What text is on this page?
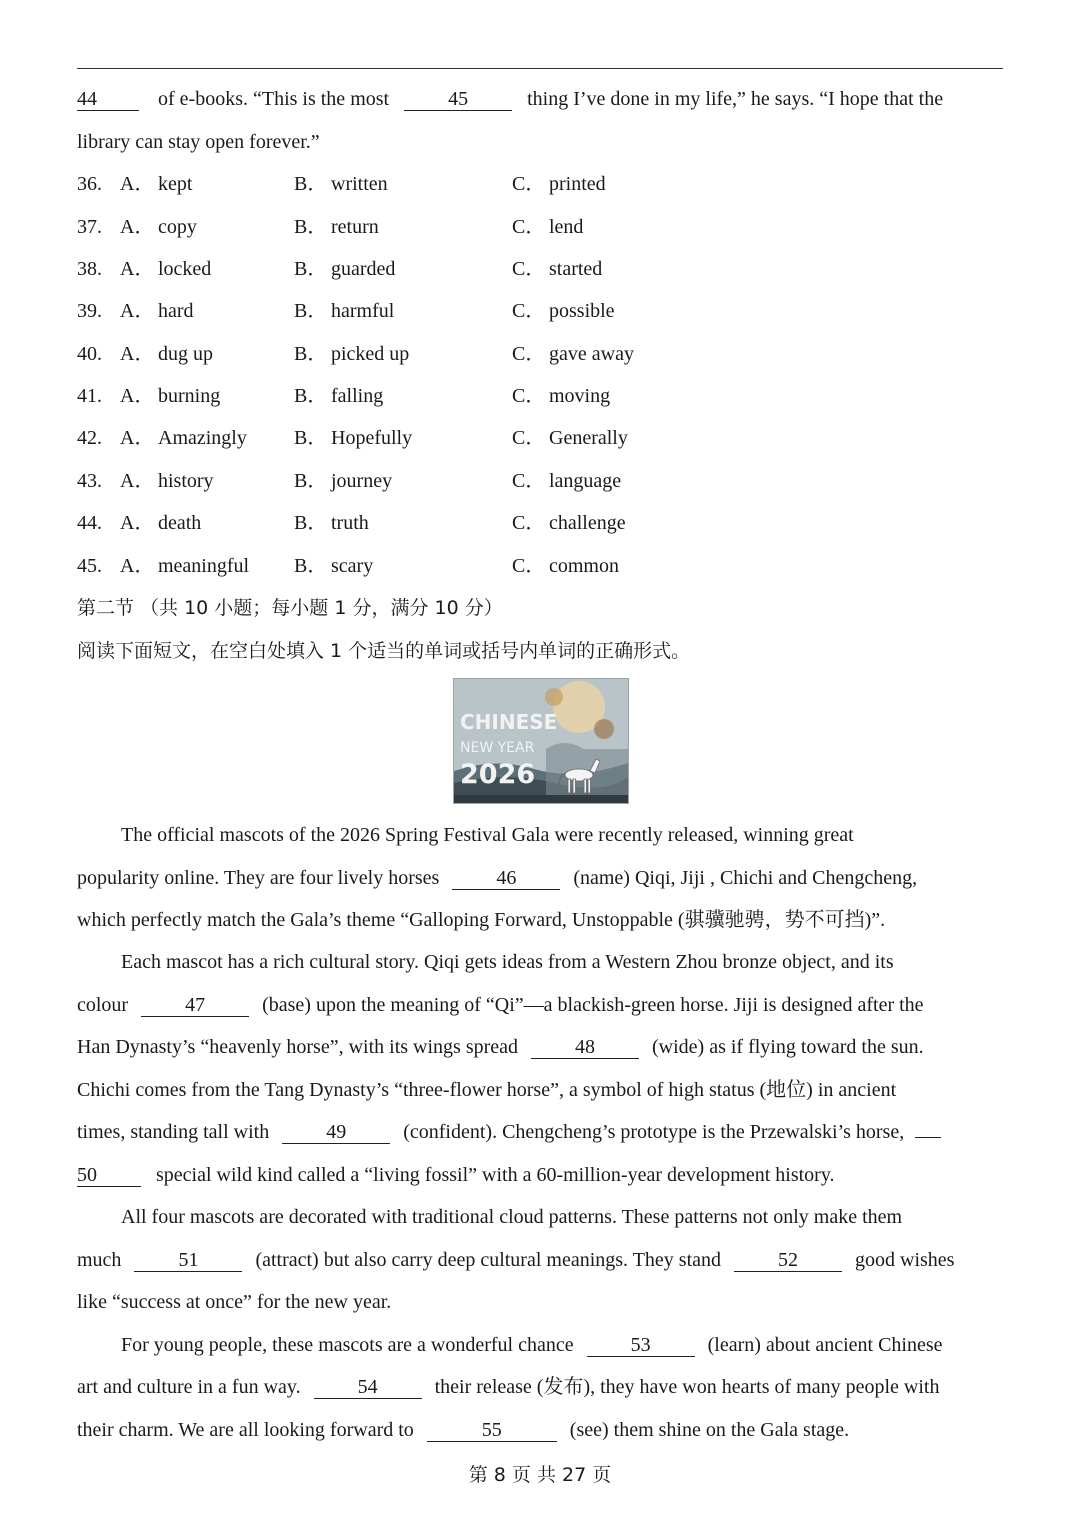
44	of e-books. “This is the most	45	thing I’ve done in my life,” he says. “I hope that the
library can stay open forever.”
36. A． kept	B． written	C． printed
37. A． copy	B． return	C． lend
38. A． locked	B． guarded	C． started
39. A． hard	B． harmful	C． possible
40. A． dug up	B． picked up	C． gave away
41. A． burning	B． falling	C． moving
42. A． Amazingly B． Hopefully	C． Generally
43. A． history	B． journey	C． language
44. A． death	B． truth	C． challenge
45. A． meaningful B． scary	C． common
第二节 （共 10 小题；每小题 1 分，满分 10 分）
阅读下面短文，在空白处填入 1 个适当的单词或括号内单词的正确形式。
CHINESE
NEW YEAR
2026
The official mascots of the 2026 Spring Festival Gala were recently released, winning great
popularity online. They are four lively horses	46	(name) Qiqi, Jiji , Chichi and Chengcheng,
which perfectly match the Gala’s theme “Galloping Forward, Unstoppable (骐骥驰骋，势不可挡)”.
Each mascot has a rich cultural story. Qiqi gets ideas from a Western Zhou bronze object, and its
colour	47	(base) upon the meaning of “Qi”—a blackish-green horse. Jiji is designed after the
Han Dynasty’s “heavenly horse”, with its wings spread	48	(wide) as if flying toward the sun.
Chichi comes from the Tang Dynasty’s “three-flower horse”, a symbol of high status (地位) in ancient
times, standing tall with	49	(confident). Chengcheng’s prototype is the Przewalski’s horse,
50	special wild kind called a “living fossil” with a 60-million-year development history.
All four mascots are decorated with traditional cloud patterns. These patterns not only make them
much	51	(attract) but also carry deep cultural meanings. They stand	52	good wishes
like “success at once” for the new year.
For young people, these mascots are a wonderful chance	53	(learn) about ancient Chinese
art and culture in a fun way.	54	their release (发布), they have won hearts of many people with
their charm. We are all looking forward to	55	(see) them shine on the Gala stage.
第 8 页 共 27 页
